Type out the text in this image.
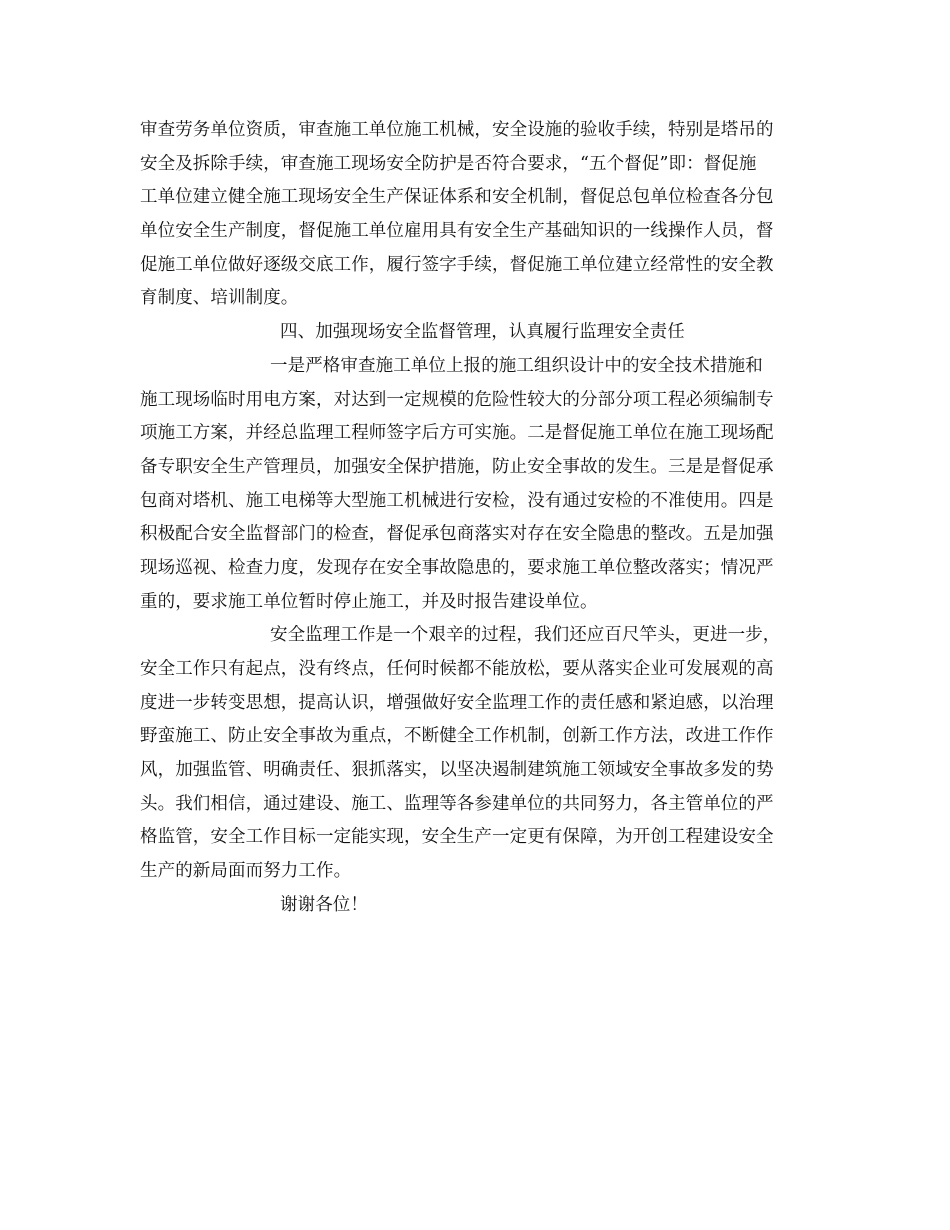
审查劳务单位资质，审查施工单位施工机械，安全设施的验收手续，特别是塔吊的
安全及拆除手续，审查施工现场安全防护是否符合要求，“五个督促”即：督促施
工单位建立健全施工现场安全生产保证体系和安全机制，督促总包单位检查各分包
单位安全生产制度，督促施工单位雇用具有安全生产基础知识的一线操作人员，督
促施工单位做好逐级交底工作，履行签字手续，督促施工单位建立经常性的安全教
育制度、培训制度。
四、加强现场安全监督管理，认真履行监理安全责任
一是严格审查施工单位上报的施工组织设计中的安全技术措施和
施工现场临时用电方案，对达到一定规模的危险性较大的分部分项工程必须编制专
项施工方案，并经总监理工程师签字后方可实施。二是督促施工单位在施工现场配
备专职安全生产管理员，加强安全保护措施，防止安全事故的发生。三是是督促承
包商对塔机、施工电梯等大型施工机械进行安检，没有通过安检的不准使用。四是
积极配合安全监督部门的检查，督促承包商落实对存在安全隐患的整改。五是加强
现场巡视、检查力度，发现存在安全事故隐患的，要求施工单位整改落实；情况严
重的，要求施工单位暂时停止施工，并及时报告建设单位。
安全监理工作是一个艰辛的过程，我们还应百尺竿头，更进一步，
安全工作只有起点，没有终点，任何时候都不能放松，要从落实企业可发展观的高
度进一步转变思想，提高认识，增强做好安全监理工作的责任感和紧迫感，以治理
野蛮施工、防止安全事故为重点，不断健全工作机制，创新工作方法，改进工作作
风，加强监管、明确责任、狠抓落实，以坚决遏制建筑施工领域安全事故多发的势
头。我们相信，通过建设、施工、监理等各参建单位的共同努力，各主管单位的严
格监管，安全工作目标一定能实现，安全生产一定更有保障，为开创工程建设安全
生产的新局面而努力工作。
谢谢各位！
